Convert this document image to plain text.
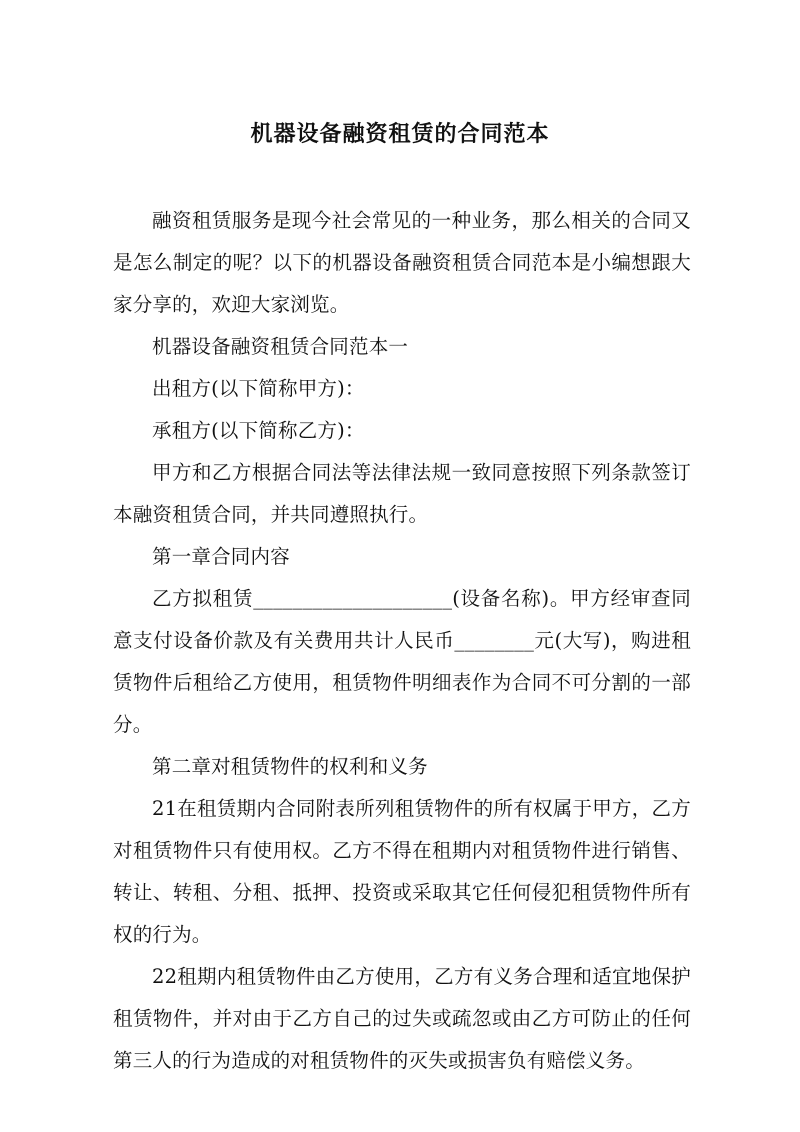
机器设备融资租赁的合同范本

融资租赁服务是现今社会常见的一种业务，那么相关的合同又是怎么制定的呢？以下的机器设备融资租赁合同范本是小编想跟大家分享的，欢迎大家浏览。

机器设备融资租赁合同范本一

出租方(以下简称甲方)：

承租方(以下简称乙方)：

甲方和乙方根据合同法等法律法规一致同意按照下列条款签订本融资租赁合同，并共同遵照执行。

第一章合同内容

乙方拟租赁____________________(设备名称)。甲方经审查同意支付设备价款及有关费用共计人民币________元(大写)，购进租赁物件后租给乙方使用，租赁物件明细表作为合同不可分割的一部分。

第二章对租赁物件的权利和义务

21在租赁期内合同附表所列租赁物件的所有权属于甲方，乙方对租赁物件只有使用权。乙方不得在租期内对租赁物件进行销售、转让、转租、分租、抵押、投资或采取其它任何侵犯租赁物件所有权的行为。

22租期内租赁物件由乙方使用，乙方有义务合理和适宜地保护租赁物件，并对由于乙方自己的过失或疏忽或由乙方可防止的任何第三人的行为造成的对租赁物件的灭失或损害负有赔偿义务。
